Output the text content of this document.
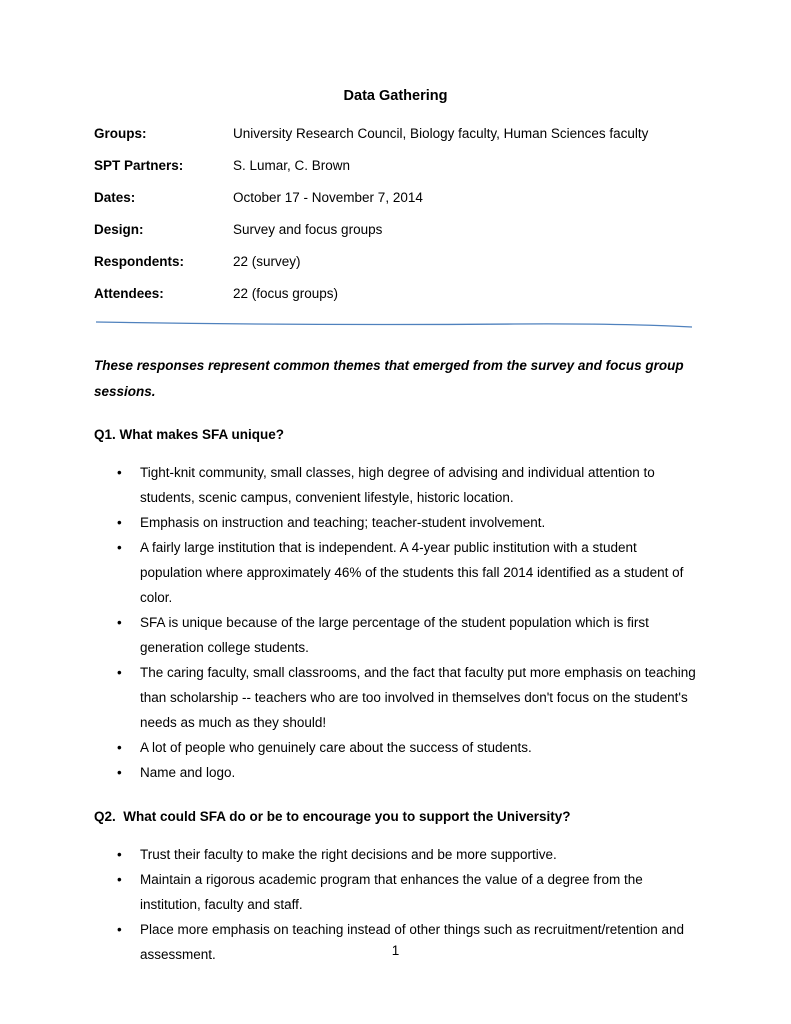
Data Gathering
Groups:	University Research Council, Biology faculty, Human Sciences faculty
SPT Partners:	S. Lumar, C. Brown
Dates:	October 17 - November 7, 2014
Design:	Survey and focus groups
Respondents:	22 (survey)
Attendees:	22 (focus groups)

These responses represent common themes that emerged from the survey and focus group sessions.

Q1. What makes SFA unique?
•	Tight-knit community, small classes, high degree of advising and individual attention to students, scenic campus, convenient lifestyle, historic location.
•	Emphasis on instruction and teaching; teacher-student involvement.
•	A fairly large institution that is independent. A 4-year public institution with a student population where approximately 46% of the students this fall 2014 identified as a student of color.
•	SFA is unique because of the large percentage of the student population which is first generation college students.
•	The caring faculty, small classrooms, and the fact that faculty put more emphasis on teaching than scholarship -- teachers who are too involved in themselves don't focus on the student's needs as much as they should!
•	A lot of people who genuinely care about the success of students.
•	Name and logo.
Q2.  What could SFA do or be to encourage you to support the University?
•	Trust their faculty to make the right decisions and be more supportive.
•	Maintain a rigorous academic program that enhances the value of a degree from the institution, faculty and staff.
•	Place more emphasis on teaching instead of other things such as recruitment/retention and assessment.	1
